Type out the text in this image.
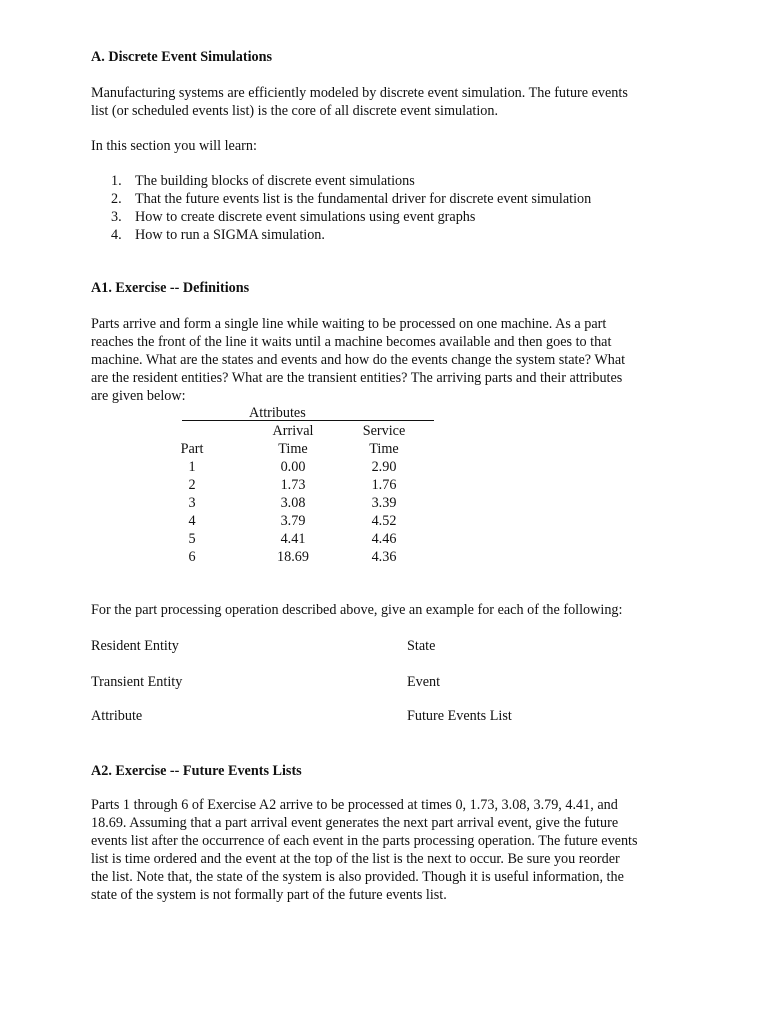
A. Discrete Event Simulations
Manufacturing systems are efficiently modeled by discrete event simulation. The future events
list (or scheduled events list) is the core of all discrete event simulation.
In this section you will learn:
1. The building blocks of discrete event simulations
2. That the future events list is the fundamental driver for discrete event simulation
3. How to create discrete event simulations using event graphs
4. How to run a SIGMA simulation.
A1. Exercise -- Definitions
Parts arrive and form a single line while waiting to be processed on one machine. As a part
reaches the front of the line it waits until a machine becomes available and then goes to that
machine. What are the states and events and how do the events change the system state? What
are the resident entities? What are the transient entities? The arriving parts and their attributes
are given below:
Attributes
Arrival	Service
Part	Time	Time
1	0.00	2.90
2	1.73	1.76
3	3.08	3.39
4	3.79	4.52
5	4.41	4.46
6	18.69	4.36
For the part processing operation described above, give an example for each of the following:
Resident Entity	State
Transient Entity	Event
Attribute	Future Events List
A2. Exercise -- Future Events Lists
Parts 1 through 6 of Exercise A2 arrive to be processed at times 0, 1.73, 3.08, 3.79, 4.41, and
18.69. Assuming that a part arrival event generates the next part arrival event, give the future
events list after the occurrence of each event in the parts processing operation. The future events
list is time ordered and the event at the top of the list is the next to occur. Be sure you reorder
the list. Note that, the state of the system is also provided. Though it is useful information, the
state of the system is not formally part of the future events list.
